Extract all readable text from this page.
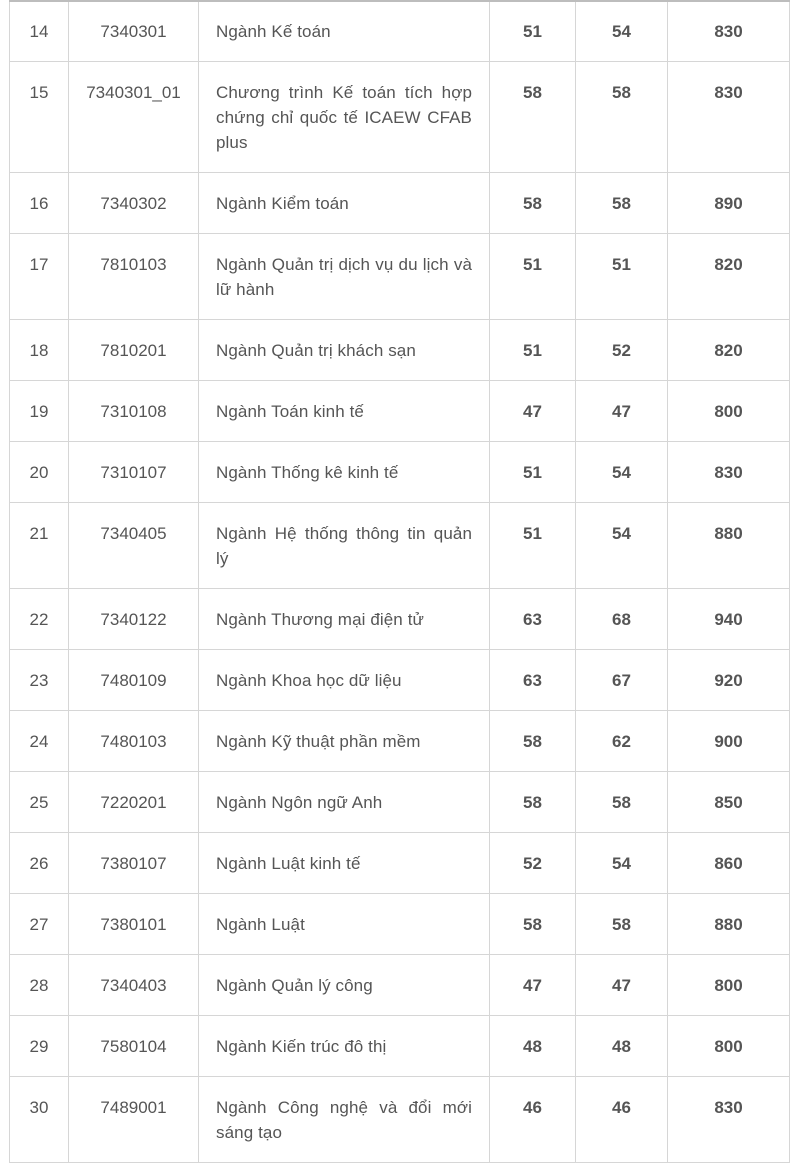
14	7340301	Ngành Kế toán	51	54	830
15	7340301_01	Chương trình Kế toán tích hợp chứng chỉ quốc tế ICAEW CFAB plus	58	58	830
16	7340302	Ngành Kiểm toán	58	58	890
17	7810103	Ngành Quản trị dịch vụ du lịch và lữ hành	51	51	820
18	7810201	Ngành Quản trị khách sạn	51	52	820
19	7310108	Ngành Toán kinh tế	47	47	800
20	7310107	Ngành Thống kê kinh tế	51	54	830
21	7340405	Ngành Hệ thống thông tin quản lý	51	54	880
22	7340122	Ngành Thương mại điện tử	63	68	940
23	7480109	Ngành Khoa học dữ liệu	63	67	920
24	7480103	Ngành Kỹ thuật phần mềm	58	62	900
25	7220201	Ngành Ngôn ngữ Anh	58	58	850
26	7380107	Ngành Luật kinh tế	52	54	860
27	7380101	Ngành Luật	58	58	880
28	7340403	Ngành Quản lý công	47	47	800
29	7580104	Ngành Kiến trúc đô thị	48	48	800
30	7489001	Ngành Công nghệ và đổi mới sáng tạo	46	46	830
